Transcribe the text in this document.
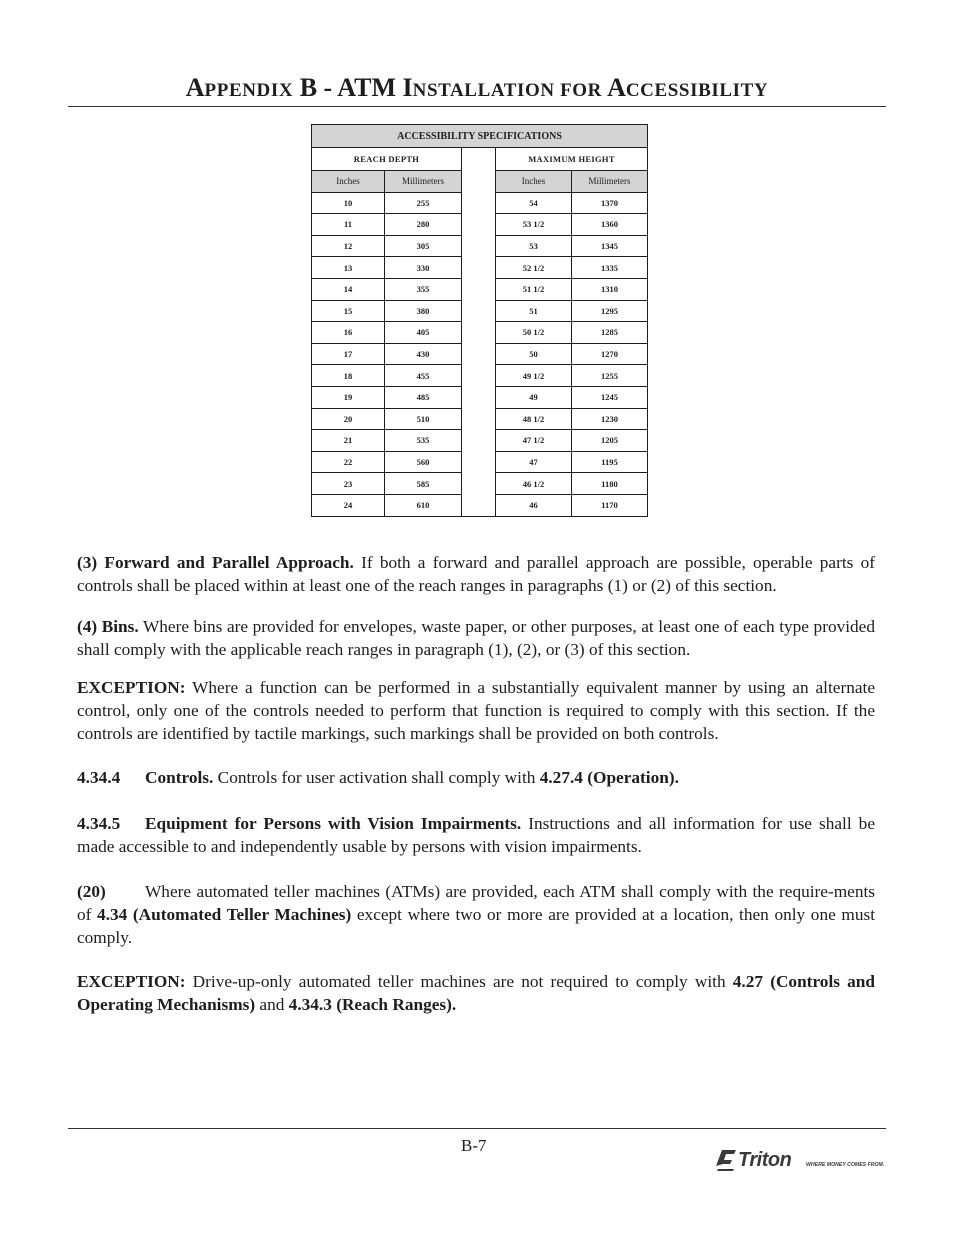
APPENDIX B - ATM INSTALLATION FOR ACCESSIBILITY
ACCESSIBILITY SPECIFICATIONS				
REACH DEPTH			MAXIMUM HEIGHT	
Inches	Millimeters		Inches	Millimeters
10	255		54	1370
11	280		53 1/2	1360
12	305		53	1345
13	330		52 1/2	1335
14	355		51 1/2	1310
15	380		51	1295
16	405		50 1/2	1285
17	430		50	1270
18	455		49 1/2	1255
19	485		49	1245
20	510		48 1/2	1230
21	535		47 1/2	1205
22	560		47	1195
23	585		46 1/2	1180
24	610		46	1170

(3) Forward and Parallel Approach. If both a forward and parallel approach are possible, operable parts of controls shall be placed within at least one of the reach ranges in paragraphs (1) or (2) of this section.

(4) Bins. Where bins are provided for envelopes, waste paper, or other purposes, at least one of each type provided shall comply with the applicable reach ranges in paragraph (1), (2), or (3) of this section.

EXCEPTION: Where a function can be performed in a substantially equivalent manner by using an alternate control, only one of the controls needed to perform that function is required to comply with this section. If the controls are identified by tactile markings, such markings shall be provided on both controls.

4.34.4 Controls. Controls for user activation shall comply with 4.27.4 (Operation).

4.34.5 Equipment for Persons with Vision Impairments. Instructions and all information for use shall be made accessible to and independently usable by persons with vision impairments.

(20) Where automated teller machines (ATMs) are provided, each ATM shall comply with the require-ments of 4.34 (Automated Teller Machines) except where two or more are provided at a location, then only one must comply.

EXCEPTION: Drive-up-only automated teller machines are not required to comply with 4.27 (Controls and Operating Mechanisms) and 4.34.3 (Reach Ranges).

B-7
Triton	WHERE MONEY COMES FROM.
